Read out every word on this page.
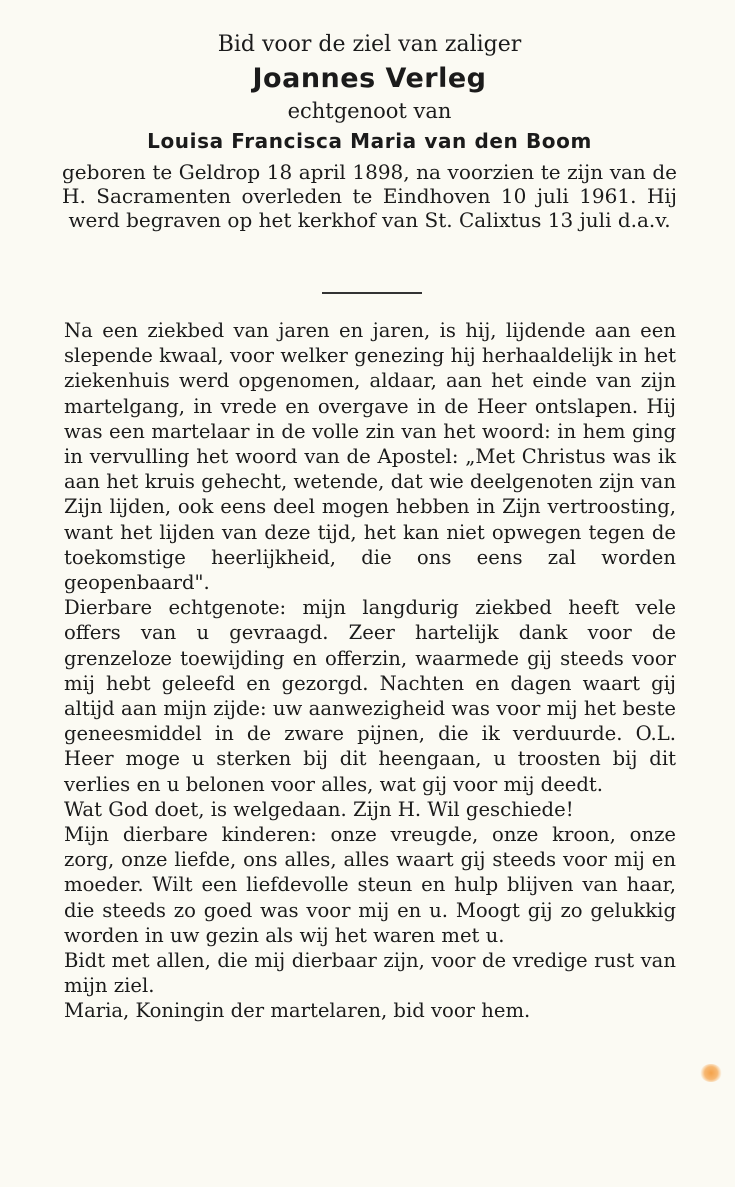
Bid voor de ziel van zaliger

Joannes Verleg

echtgenoot van

Louisa Francisca Maria van den Boom

geboren te Geldrop 18 april 1898, na voorzien te zijn van de H. Sacramenten overleden te Eindhoven 10 juli 1961. Hij werd begraven op het kerkhof van St. Calixtus 13 juli d.a.v.

Na een ziekbed van jaren en jaren, is hij, lijdende aan een slepende kwaal, voor welker genezing hij herhaaldelijk in het ziekenhuis werd opgenomen, aldaar, aan het einde van zijn martelgang, in vrede en overgave in de Heer ontslapen. Hij was een martelaar in de volle zin van het woord: in hem ging in vervulling het woord van de Apostel: „Met Christus was ik aan het kruis gehecht, wetende, dat wie deelgenoten zijn van Zijn lijden, ook eens deel mogen hebben in Zijn vertroosting, want het lijden van deze tijd, het kan niet opwegen tegen de toekomstige heerlijkheid, die ons eens zal worden geopenbaard".

Dierbare echtgenote: mijn langdurig ziekbed heeft vele offers van u gevraagd. Zeer hartelijk dank voor de grenzeloze toewijding en offerzin, waarmede gij steeds voor mij hebt geleefd en gezorgd. Nachten en dagen waart gij altijd aan mijn zijde: uw aanwezigheid was voor mij het beste geneesmiddel in de zware pijnen, die ik verduurde. O.L. Heer moge u sterken bij dit heengaan, u troosten bij dit verlies en u belonen voor alles, wat gij voor mij deedt.

Wat God doet, is welgedaan. Zijn H. Wil geschiede!

Mijn dierbare kinderen: onze vreugde, onze kroon, onze zorg, onze liefde, ons alles, alles waart gij steeds voor mij en moeder. Wilt een liefdevolle steun en hulp blijven van haar, die steeds zo goed was voor mij en u. Moogt gij zo gelukkig worden in uw gezin als wij het waren met u.

Bidt met allen, die mij dierbaar zijn, voor de vredige rust van mijn ziel.

Maria, Koningin der martelaren, bid voor hem.
